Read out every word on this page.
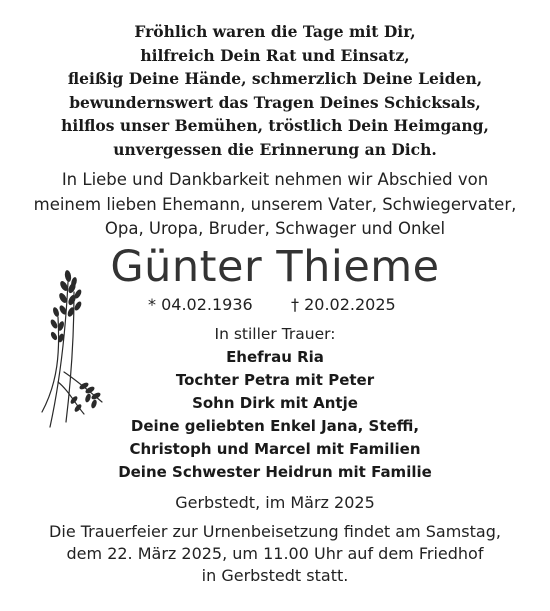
Fröhlich waren die Tage mit Dir,
hilfreich Dein Rat und Einsatz,
fleißig Deine Hände, schmerzlich Deine Leiden,
bewundernswert das Tragen Deines Schicksals,
hilflos unser Bemühen, tröstlich Dein Heimgang,
unvergessen die Erinnerung an Dich.
In Liebe und Dankbarkeit nehmen wir Abschied von
meinem lieben Ehemann, unserem Vater, Schwiegervater,
Opa, Uropa, Bruder, Schwager und Onkel
Günter Thieme
* 04.02.1936 † 20.02.2025
In stiller Trauer:
Ehefrau Ria
Tochter Petra mit Peter
Sohn Dirk mit Antje
Deine geliebten Enkel Jana, Steffi,
Christoph und Marcel mit Familien
Deine Schwester Heidrun mit Familie
Gerbstedt, im März 2025
Die Trauerfeier zur Urnenbeisetzung findet am Samstag,
dem 22. März 2025, um 11.00 Uhr auf dem Friedhof
in Gerbstedt statt.
